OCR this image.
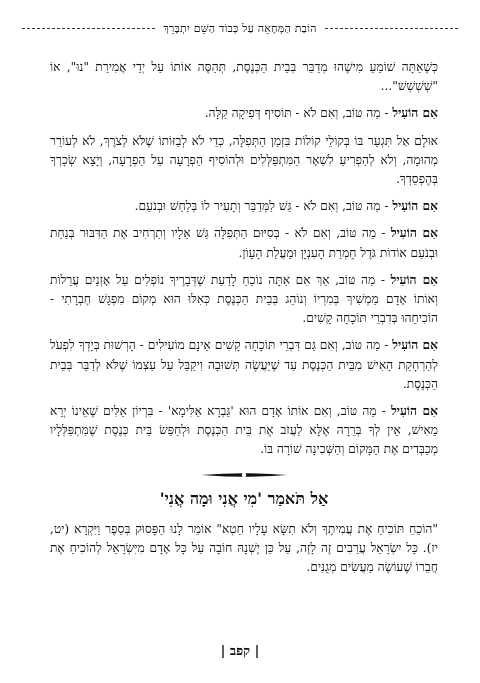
הוֹבַת הַמְּחָאָה עַל כְּבוֹד הַשֵּׁם יִתְבָּרֵךְ

כְּשֶׁאַתָּה שׁוֹמֵעַ מִישֶׁהוּ מְדַבֵּר בְּבֵית הַכְּנֶסֶת, תְּהַסֶּה אוֹתוֹ עַל יְדֵי אֲמִירַת "נוּ", אוֹ "שְׁשְׁשְׁשׁ"...

אִם הוֹעִיל - מַה טּוֹב, וְאִם לֹא - תּוֹסִיף דְּפִיקָה קַלָּה.

אוּלָם אַל תִּגְעַר בּוֹ בְּקוֹלֵי קוֹלוֹת בִּזְמַן הַתְּפִלָּה, כְּדֵי לֹא לְבַזּוֹתוֹ שֶׁלֹּא לְצֹרֶךְ, לֹא לְעוֹרֵר מְהוּמָה, וְלֹא לְהַפְרִיעַ לִשְׁאָר הַמִּתְפַּלְּלִים וּלְהוֹסִיף הַפְרָעָה עַל הַפְרָעָה, וְיָצָא שְׂכָרְךָ בְּהֶפְסֵדְךָ.

אִם הוֹעִיל - מַה טּוֹב, וְאִם לֹא - גַּשׁ לַמְּדַבֵּר וְתָעִיר לוֹ בְּלַחַשׁ וּבְנֹעַם.

אִם הוֹעִיל - מַה טּוֹב, וְאִם לֹא - בְּסִיּוּם הַתְּפִלָּה גַּשׁ אֵלָיו וְתַרְחִיב אֶת הַדִּבּוּר בְּנַחַת וּבְנֹעַם אוֹדוֹת גֹּדֶל חֻמְרַת הָעִנְיָן וּמַעֲלַת הָעָוֹן.

אִם הוֹעִיל - מַה טּוֹב, אַךְ אִם אַתָּה נוֹכֵחַ לָדַעַת שֶׁדְּבָרֶיךָ נוֹפְלִים עַל אָזְנַיִם עֲרֵלוֹת וְאוֹתוֹ אָדָם מַמְשִׁיךְ בְּמִרְיוֹ וְנוֹהֵג בְּבֵית הַכְּנֶסֶת כְּאִלּוּ הוּא מְקוֹם מִפְגָּשׁ חֶבְרָתִי - הוֹכִיחֵהוּ בְּדִבְרֵי תּוֹכָחָה קָשִׁים.

אִם הוֹעִיל - מַה טּוֹב, וְאִם גַּם דִּבְרֵי תּוֹכָחָה קָשִׁים אֵינָם מוֹעִילִים - הָרְשׁוּת בְּיָדְךָ לִפְעֹל לְהַרְחָקַת הָאִישׁ מִבֵּית הַכְּנֶסֶת עַד שֶׁיַּעֲשֶׂה תְּשׁוּבָה וִיקַבֵּל עַל עַצְמוֹ שֶׁלֹּא לְדַבֵּר בְּבֵית הַכְּנֶסֶת.

אִם הוֹעִיל - מַה טּוֹב, וְאִם אוֹתוֹ אָדָם הוּא 'גַּבְרָא אַלִּימָא' - בִּרְיוֹן אַלִּים שֶׁאֵינוֹ יְרֵא מֵאִישׁ, אֵין לְךָ בְּרֵרָה אֶלָּא לַעֲזֹב אֶת בֵּית הַכְּנֶסֶת וּלְחַפֵּשׂ בֵּית כְּנֶסֶת שֶׁמִּתְפַּלְּלָיו מְכַבְּדִים אֶת הַמָּקוֹם וְהַשְּׁכִינָה שׁוֹרָה בּוֹ.

אַל תֹּאמַר 'מִי אֲנִי וּמָה אֲנִי'

"הוֹכֵחַ תּוֹכִיחַ אֶת עֲמִיתֶךָ וְלֹא תִשָּׂא עָלָיו חֵטְא" אוֹמֵר לָנוּ הַפָּסוּק בְּסֵפֶר וַיִּקְרָא (יט, יז). כָּל יִשְׂרָאֵל עֲרֵבִים זֶה לָזֶה, עַל כֵּן יֶשְׁנָהּ חוֹבָה עַל כָּל אָדָם מִיִּשְׂרָאֵל לְהוֹכִיחַ אֶת חֲבֵרוֹ שֶׁעוֹשֶׂה מַעֲשִׂים מְגֻנִּים.

| קפב |
